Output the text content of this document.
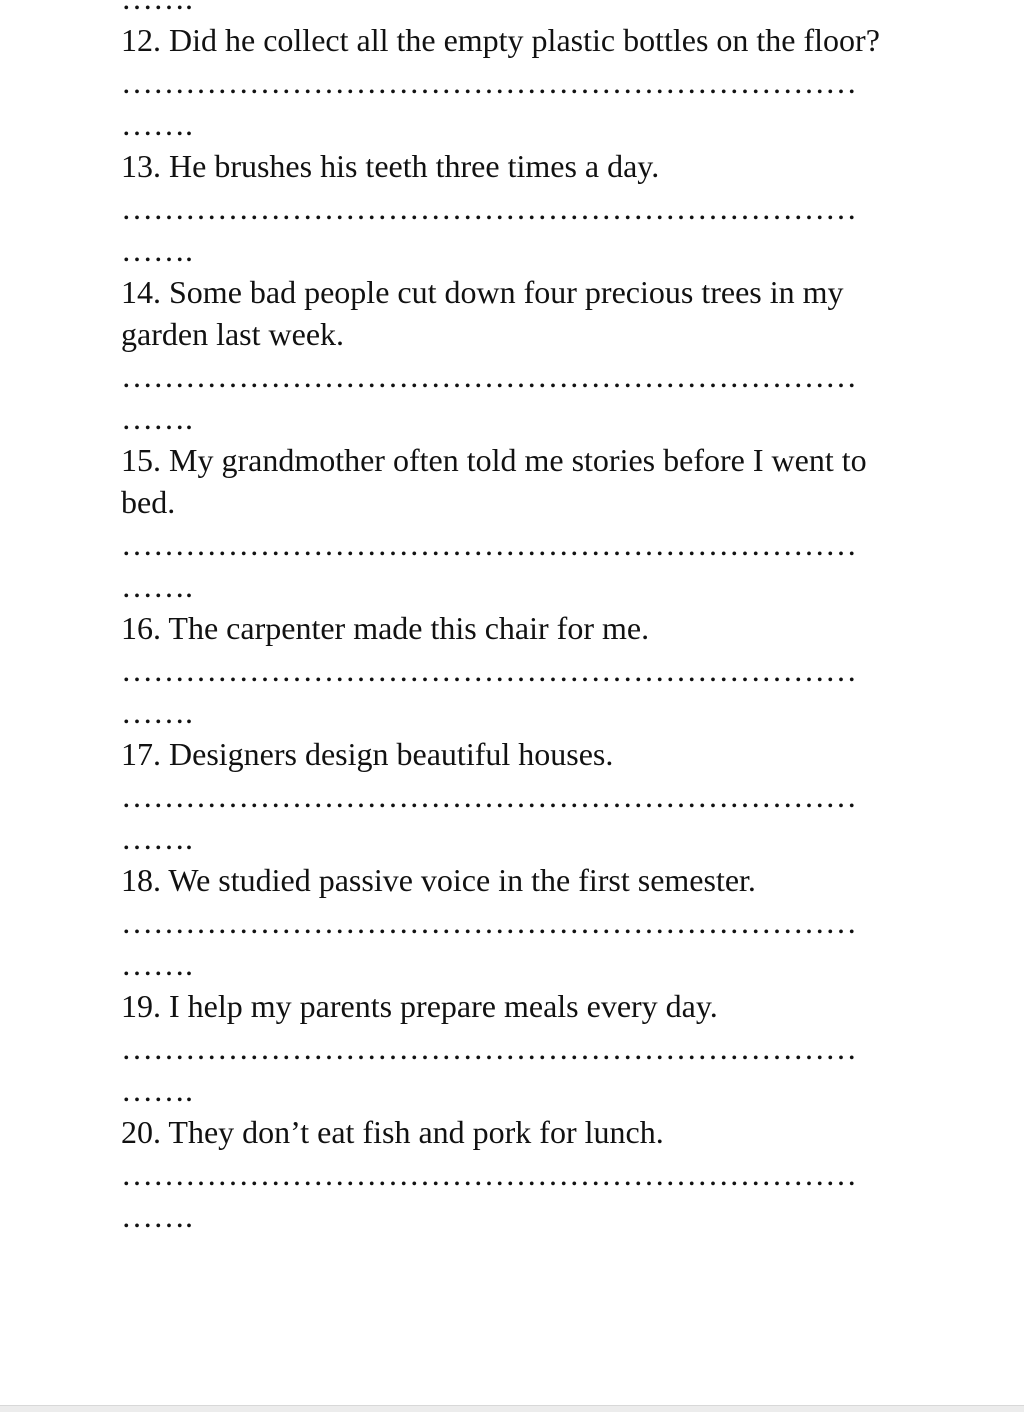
12. Did he collect all the empty plastic bottles on the floor?

……………………………………………………………
…….

13. He brushes his teeth three times a day.

……………………………………………………………
…….

14. Some bad people cut down four precious trees in my garden last week.

……………………………………………………………
…….

15. My grandmother often told me stories before I went to bed.

……………………………………………………………
…….

16. The carpenter made this chair for me.

……………………………………………………………
…….

17. Designers design beautiful houses.

……………………………………………………………
…….

18. We studied passive voice in the first semester.

……………………………………………………………
…….

19. I help my parents prepare meals every day.

……………………………………………………………
…….

20. They don’t eat fish and pork for lunch.

……………………………………………………………
…….
